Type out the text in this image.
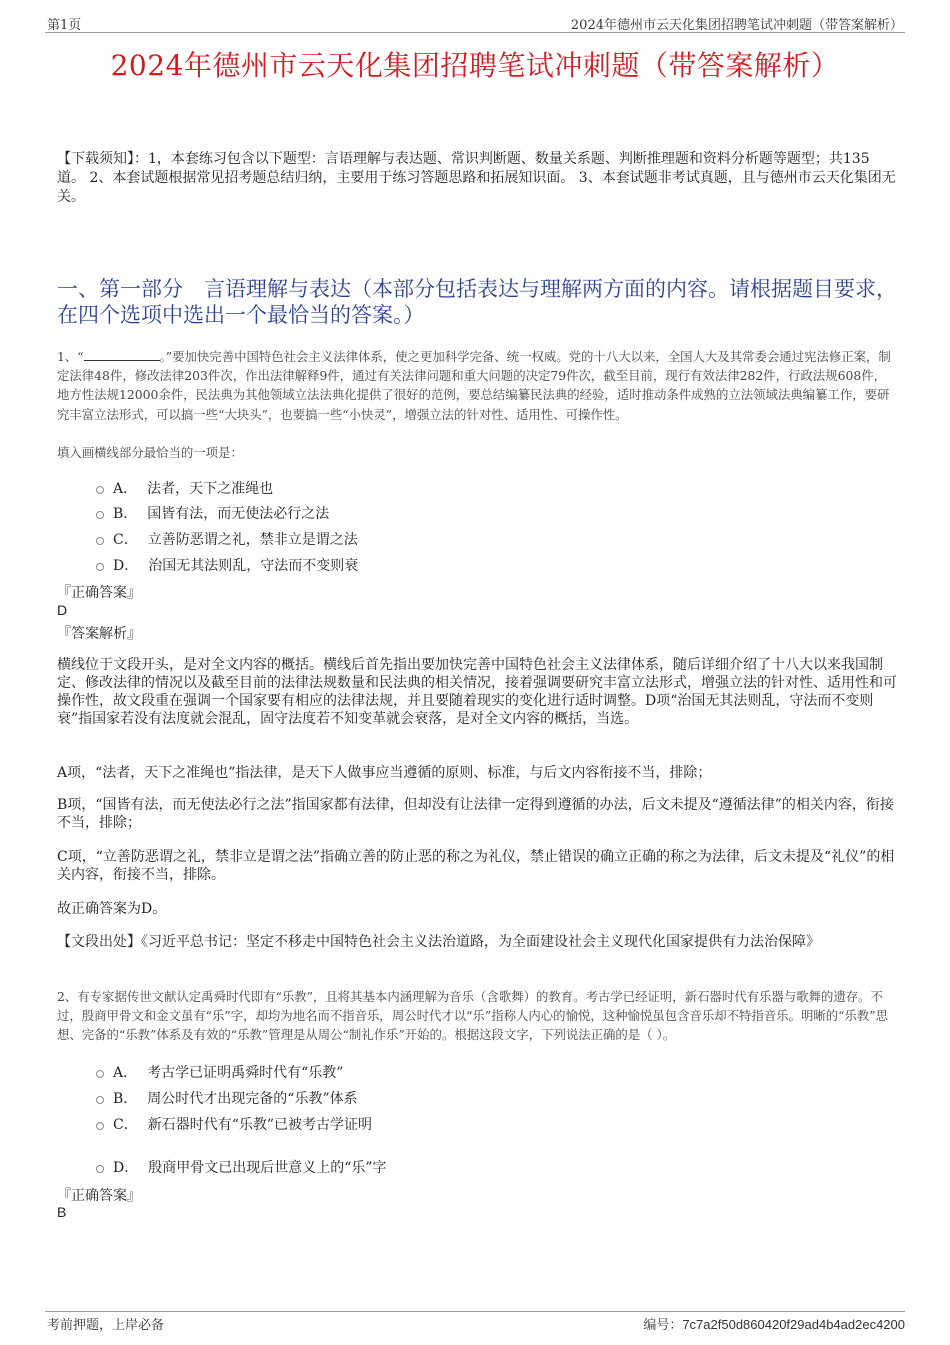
第1页	2024年德州市云天化集团招聘笔试冲刺题（带答案解析）
2024年德州市云天化集团招聘笔试冲刺题（带答案解析）
【下载须知】：1，本套练习包含以下题型：言语理解与表达题、常识判断题、数量关系题、判断推理题和资料分析题等题型；共135道。 2、本套试题根据常见招考题总结归纳，主要用于练习答题思路和拓展知识面。 3、本套试题非考试真题，且与德州市云天化集团无关。
一、第一部分　言语理解与表达（本部分包括表达与理解两方面的内容。请根据题目要求，在四个选项中选出一个最恰当的答案。）
1、“	。”要加快完善中国特色社会主义法律体系，使之更加科学完备、统一权威。党的十八大以来，全国人大及其常委会通过宪法修正案，制定法律48件，修改法律203件次，作出法律解释9件，通过有关法律问题和重大问题的决定79件次，截至目前，现行有效法律282件，行政法规608件，地方性法规12000余件，民法典为其他领域立法法典化提供了很好的范例，要总结编纂民法典的经验，适时推动条件成熟的立法领域法典编纂工作，要研究丰富立法形式，可以搞一些“大块头”，也要搞一些“小快灵”，增强立法的针对性、适用性、可操作性。
填入画横线部分最恰当的一项是：
A． 法者，天下之准绳也
B． 国皆有法，而无使法必行之法
C． 立善防恶谓之礼，禁非立是谓之法
D． 治国无其法则乱，守法而不变则衰
『正确答案』
D
『答案解析』
横线位于文段开头，是对全文内容的概括。横线后首先指出要加快完善中国特色社会主义法律体系，随后详细介绍了十八大以来我国制定、修改法律的情况以及截至目前的法律法规数量和民法典的相关情况，接着强调要研究丰富立法形式，增强立法的针对性、适用性和可操作性，故文段重在强调一个国家要有相应的法律法规，并且要随着现实的变化进行适时调整。D项“治国无其法则乱，守法而不变则衰”指国家若没有法度就会混乱，固守法度若不知变革就会衰落，是对全文内容的概括，当选。
A项，“法者，天下之准绳也”指法律，是天下人做事应当遵循的原则、标准，与后文内容衔接不当，排除；
B项，“国皆有法，而无使法必行之法”指国家都有法律，但却没有让法律一定得到遵循的办法，后文未提及“遵循法律”的相关内容，衔接不当，排除；
C项，“立善防恶谓之礼，禁非立是谓之法”指确立善的防止恶的称之为礼仪，禁止错误的确立正确的称之为法律，后文未提及“礼仪”的相关内容，衔接不当，排除。
故正确答案为D。
【文段出处】《习近平总书记：坚定不移走中国特色社会主义法治道路，为全面建设社会主义现代化国家提供有力法治保障》
2、有专家据传世文献认定禹舜时代即有“乐教”，且将其基本内涵理解为音乐（含歌舞）的教育。考古学已经证明，新石器时代有乐器与歌舞的遗存。不过，殷商甲骨文和金文虽有“乐”字，却均为地名而不指音乐，周公时代才以“乐”指称人内心的愉悦，这种愉悦虽包含音乐却不特指音乐。明晰的“乐教”思想、完备的“乐教”体系及有效的“乐教”管理是从周公“制礼作乐”开始的。根据这段文字，下列说法正确的是（ ）。
A． 考古学已证明禹舜时代有“乐教”
B． 周公时代才出现完备的“乐教”体系
C． 新石器时代有“乐教”已被考古学证明
D． 殷商甲骨文已出现后世意义上的“乐”字
『正确答案』
B
考前押题，上岸必备	编号：7c7a2f50d860420f29ad4b4ad2ec4200
